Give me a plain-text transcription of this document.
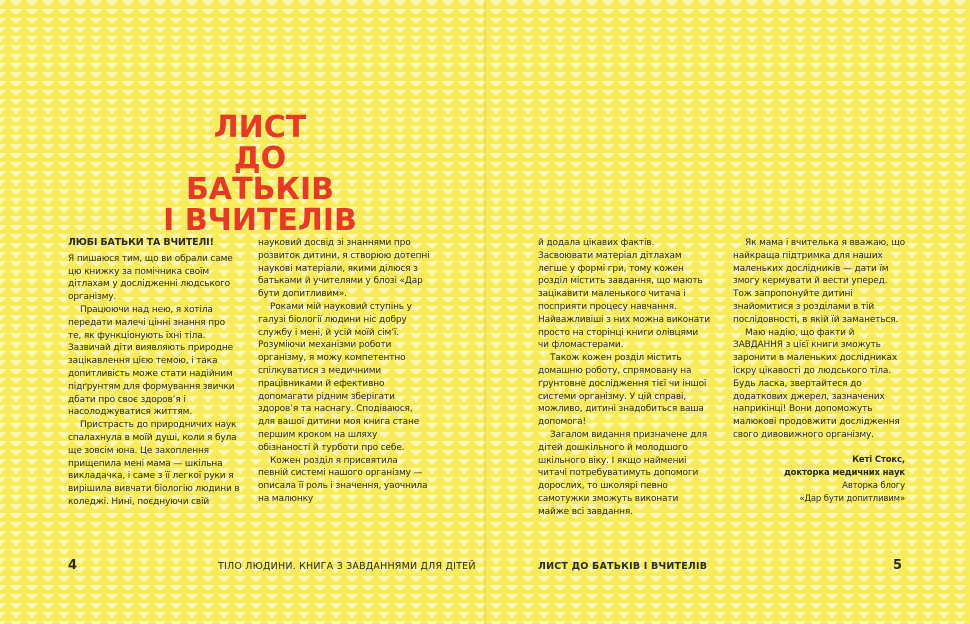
ЛИСТ
ДО БАТЬКІВ
І ВЧИТЕЛІВ

ЛЮБІ БАТЬКИ ТА ВЧИТЕЛІ!

Я пишаюся тим, що ви обрали саме цю книжку за помічника своїм дітлахам у дослідженні людського організму.

Працюючи над нею, я хотіла передати малечі цінні знання про те, як функціонують їхні тіла. Зазвичай діти виявляють природне зацікавлення цією темою, і така допитливість може стати надійним підґрунтям для формування звички дбати про своє здоров’я і насолоджуватися життям.

Пристрасть до природничих наук спалахнула в моїй душі, коли я була ще зовсім юна. Це захоплення прищепила мені мама — шкільна викладачка, і саме з її легкої руки я вирішила вивчати біологію людини в коледжі. Нині, поєднуючи свій

науковий досвід зі знаннями про розвиток дитини, я створюю дотепні наукові матеріали, якими ділюся з батьками й учителями у блозі «Дар бути допитливим».

Роками мій науковий ступінь у галузі біології людини ніс добру службу і мені, й усій моїй сім’ї. Розуміючи механізми роботи організму, я можу компетентно спілкуватися з медичними працівниками й ефективно допомагати рідним зберігати здоров’я та наснагу. Сподіваюся, для вашої дитини моя книга стане першим кроком на шляху обізнаності й турботи про себе.

Кожен розділ я присвятила певній системі нашого організму — описала її роль і значення, уаочнила на малюнку

4	ТІЛО ЛЮДИНИ. КНИГА З ЗАВДАННЯМИ ДЛЯ ДІТЕЙ

й додала цікавих фактів. Засвоювати матеріал дітлахам легше у формі гри, тому кожен розділ містить завдання, що мають зацікавити маленького читача і посприяти процесу навчання. Найважливіші з них можна виконати просто на сторінці книги олівцями чи фломастерами.

Також кожен розділ містить домашню роботу, спрямовану на ґрунтовне дослідження тієї чи іншої системи організму. У цій справі, можливо, дитині знадобиться ваша допомога!

Загалом видання призначене для дітей дошкільного й молодшого шкільного віку. І якщо наймениі читачі потребуватимуть допомоги дорослих, то школярі певно самотужки зможуть виконати майже всі завдання.

Як мама і вчителька я вважаю, що найкраща підтримка для наших маленьких дослідників — дати їм змогу кермувати й вести уперед. Тож запропонуйте дитині знайомитися з розділами в тій послідовності, в якій їй заманеться.

Маю надію, що факти й ЗАВДАННЯ з цієї книги зможуть заронити в маленьких дослідниках іскру цікавості до людського тіла. Будь ласка, звертайтеся до додаткових джерел, зазначених наприкінці! Вони допоможуть малюкові продовжити дослідження свого дивовижного організму.

Кеті Стокс,
докторка медичних наук
Авторка блогу
«Дар бути допитливим»
ЛИСТ ДО БАТЬКІВ І ВЧИТЕЛІВ	5
